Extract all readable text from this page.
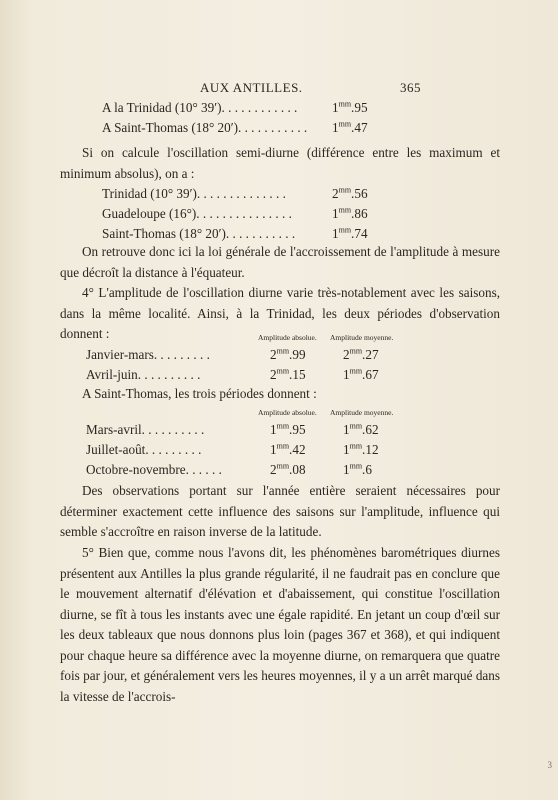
AUX ANTILLES.	365
A la Trinidad (10° 39′). . . . . . . . . . . .	$1^{mm}.95$
A Saint-Thomas (18° 20′). . . . . . . . . . . $1^{mm}.47$

Si on calcule l'oscillation semi-diurne (différence entre les maximum et minimum absolus), on a :

Trinidad (10° 39′). . . . . . . . . . . . . .	$2^{mm}.56$
Guadeloupe (16°). . . . . . . . . . . . . . .	$1^{mm}.86$
Saint-Thomas (18° 20′). . . . . . . . . . .	$1^{mm}.74$

On retrouve donc ici la loi générale de l'accroissement de l'amplitude à mesure que décroît la distance à l'équateur.

4° L'amplitude de l'oscillation diurne varie très-notablement avec les saisons, dans la même localité. Ainsi, à la Trinidad, les deux périodes d'observation donnent :	Amplitude absolue. Amplitude moyenne.
Janvier-mars. . . . . . . . .	$2^{mm}.99$	$2^{mm}.27$
Avril-juin. . . . . . . . . .	$2^{mm}.15$	$1^{mm}.67$

A Saint-Thomas, les trois périodes donnent :

Amplitude absolue. Amplitude moyenne.
Mars-avril. . . . . . . . . .	$1^{mm}.95$	$1^{mm}.62$
Juillet-août. . . . . . . . .	$1^{mm}.42$	$1^{mm}.12$
Octobre-novembre. . . . . .	$2^{mm}.08$	$1^{mm}.6$

Des observations portant sur l'année entière seraient nécessaires pour déterminer exactement cette influence des saisons sur l'amplitude, influence qui semble s'accroître en raison inverse de la latitude.

5° Bien que, comme nous l'avons dit, les phénomènes barométriques diurnes présentent aux Antilles la plus grande régularité, il ne faudrait pas en conclure que le mouvement alternatif d'élévation et d'abaissement, qui constitue l'oscillation diurne, se fît à tous les instants avec une égale rapidité. En jetant un coup d'œil sur les deux tableaux que nous donnons plus loin (pages 367 et 368), et qui indiquent pour chaque heure sa différence avec la moyenne diurne, on remarquera que quatre fois par jour, et généralement vers les heures moyennes, il y a un arrêt marqué dans la vitesse de l'accrois-

3
